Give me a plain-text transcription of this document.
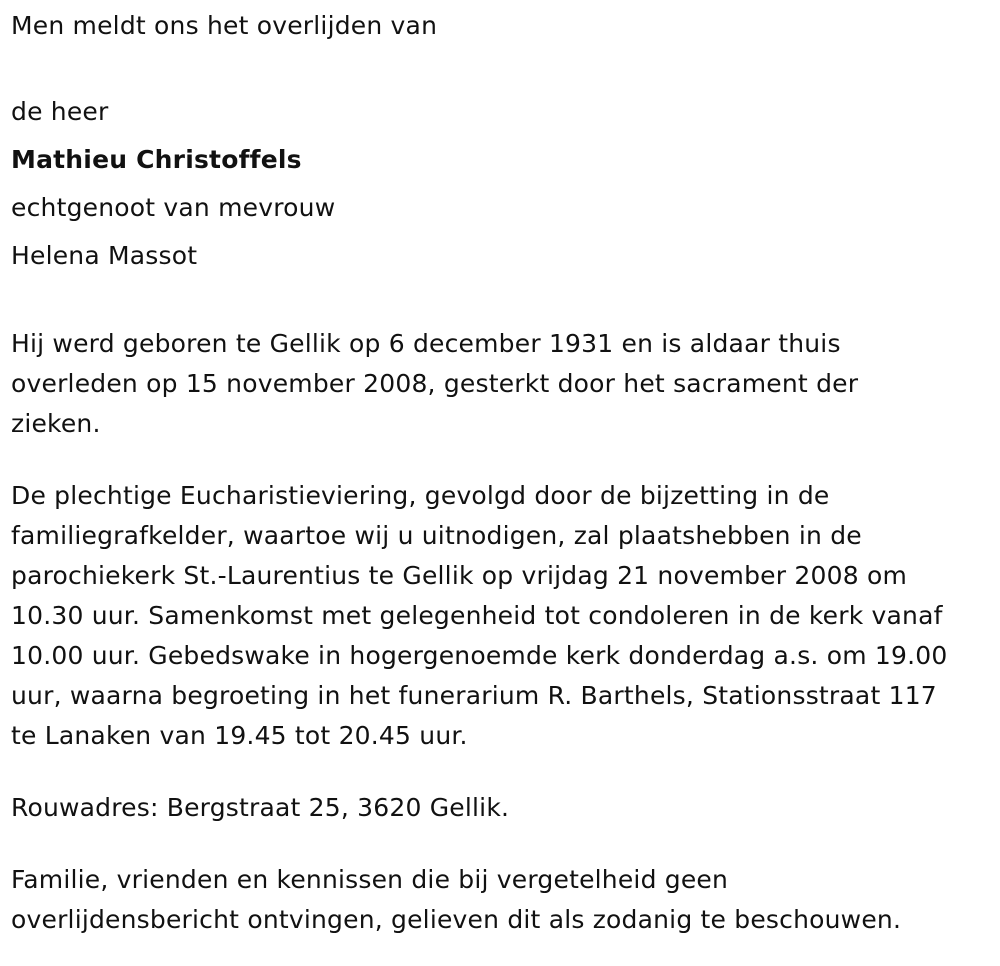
Men meldt ons het overlijden van

de heer

Mathieu Christoffels

echtgenoot van mevrouw

Helena Massot

Hij werd geboren te Gellik op 6 december 1931 en is aldaar thuis

overleden op 15 november 2008, gesterkt door het sacrament der

zieken.

De plechtige Eucharistieviering, gevolgd door de bijzetting in de

familiegrafkelder, waartoe wij u uitnodigen, zal plaatshebben in de

parochiekerk St.-Laurentius te Gellik op vrijdag 21 november 2008 om

10.30 uur. Samenkomst met gelegenheid tot condoleren in de kerk vanaf

10.00 uur. Gebedswake in hogergenoemde kerk donderdag a.s. om 19.00

uur, waarna begroeting in het funerarium R. Barthels, Stationsstraat 117

te Lanaken van 19.45 tot 20.45 uur.

Rouwadres: Bergstraat 25, 3620 Gellik.

Familie, vrienden en kennissen die bij vergetelheid geen

overlijdensbericht ontvingen, gelieven dit als zodanig te beschouwen.
